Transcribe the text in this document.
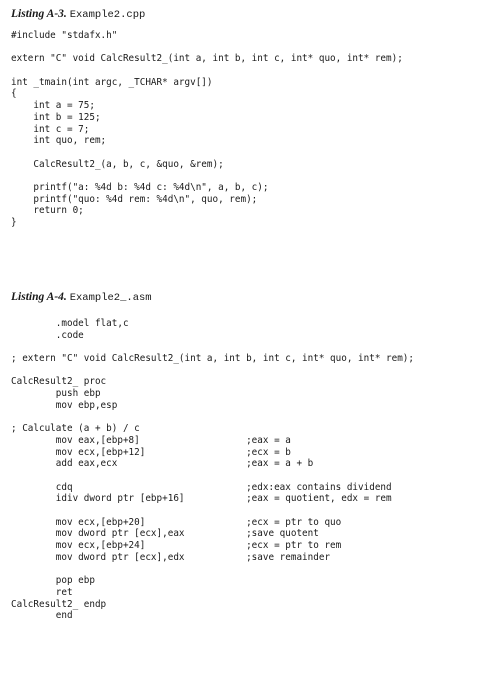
Listing A-3. Example2.cpp
#include "stdafx.h"
extern "C" void CalcResult2_(int a, int b, int c, int* quo, int* rem);
int _tmain(int argc, _TCHAR* argv[])
{
int a = 75;
int b = 125;
int c = 7;
int quo, rem;
CalcResult2_(a, b, c, &quo, &rem);
printf("a: %4d b: %4d c: %4d\n", a, b, c);
printf("quo: %4d rem: %4d\n", quo, rem);
return 0;
}
Listing A-4. Example2_.asm
.model flat,c
.code
; extern "C" void CalcResult2_(int a, int b, int c, int* quo, int* rem);
CalcResult2_ proc
push ebp
mov ebp,esp
; Calculate (a + b) / c
mov eax,[ebp+8]                   ;eax = a
mov ecx,[ebp+12]                  ;ecx = b
add eax,ecx                       ;eax = a + b
cdq                               ;edx:eax contains dividend
idiv dword ptr [ebp+16]           ;eax = quotient, edx = rem
mov ecx,[ebp+20]                  ;ecx = ptr to quo
mov dword ptr [ecx],eax           ;save quotent
mov ecx,[ebp+24]                  ;ecx = ptr to rem
mov dword ptr [ecx],edx           ;save remainder
pop ebp
ret
CalcResult2_ endp
end
